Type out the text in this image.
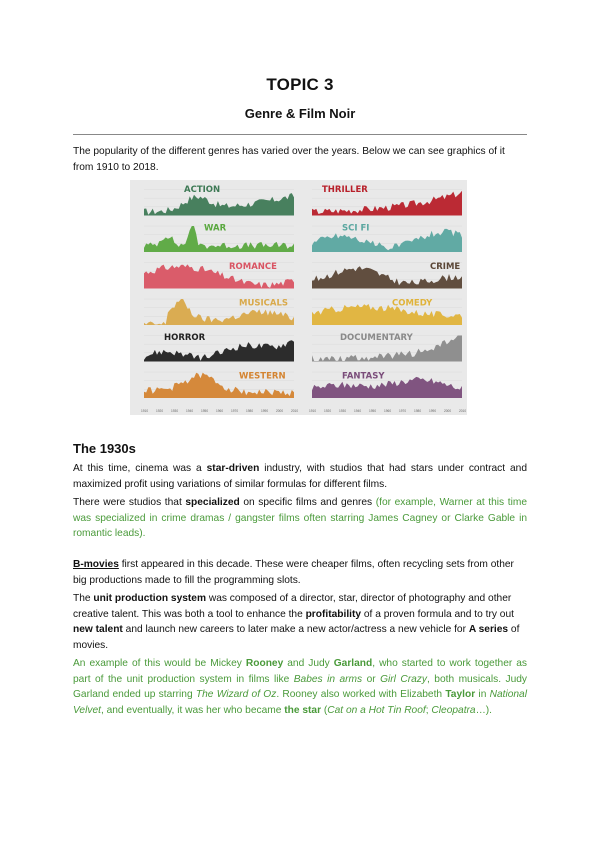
TOPIC 3
Genre & Film Noir
The popularity of the different genres has varied over the years. Below we can see graphics of it from 1910 to 2018.
ACTION
WAR
ROMANCE
MUSICALS
HORROR
WESTERN
1910 1920 1930 1940 1950 1960 1970 1980 1990 2000 2010
THRILLER
SCI FI
CRIME
COMEDY
DOCUMENTARY
FANTASY
1910 1920 1930 1940 1950 1960 1970 1980 1990 2000 2010
The 1930s
At this time, cinema was a star-driven industry, with studios that had stars under contract and maximized profit using variations of similar formulas for different films.
There were studios that specialized on specific films and genres (for example, Warner at this time was specialized in crime dramas / gangster films often starring James Cagney or Clarke Gable in romantic leads).
B-movies first appeared in this decade. These were cheaper films, often recycling sets from other big productions made to fill the programming slots.
The unit production system was composed of a director, star, director of photography and other creative talent. This was both a tool to enhance the profitability of a proven formula and to try out new talent and launch new careers to later make a new actor/actress a new vehicle for A series of movies.
An example of this would be Mickey Rooney and Judy Garland, who started to work together as part of the unit production system in films like Babes in arms or Girl Crazy, both musicals. Judy Garland ended up starring The Wizard of Oz. Rooney also worked with Elizabeth Taylor in National Velvet, and eventually, it was her who became the star (Cat on a Hot Tin Roof; Cleopatra…).
